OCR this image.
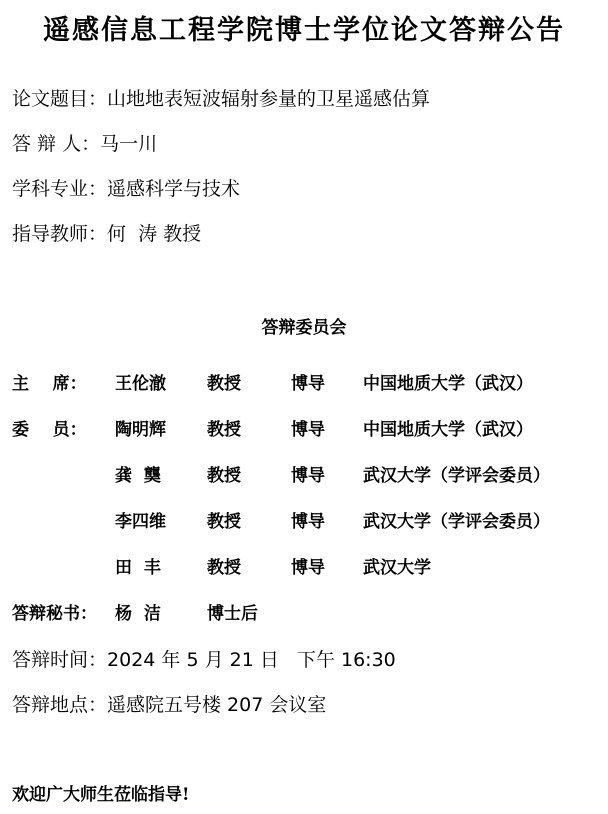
遥感信息工程学院博士学位论文答辩公告
论文题目： 山地地表短波辐射参量的卫星遥感估算
答 辩 人： 马一川
学科专业： 遥感科学与技术
指导教师： 何  涛 教授
答辩委员会
主    席：	王伦澈 教授	博导 中国地质大学（武汉）
委    员：	陶明辉 教授	博导 中国地质大学（武汉）
龚  龑	教授	博导 武汉大学（学评会委员）
李四维 教授	博导 武汉大学（学评会委员）
田  丰	教授	博导 武汉大学
答辩秘书：	杨  洁	博士后
答辩时间： 2024 年 5 月 21 日   下午 16:30
答辩地点： 遥感院五号楼 207 会议室
欢迎广大师生莅临指导!
